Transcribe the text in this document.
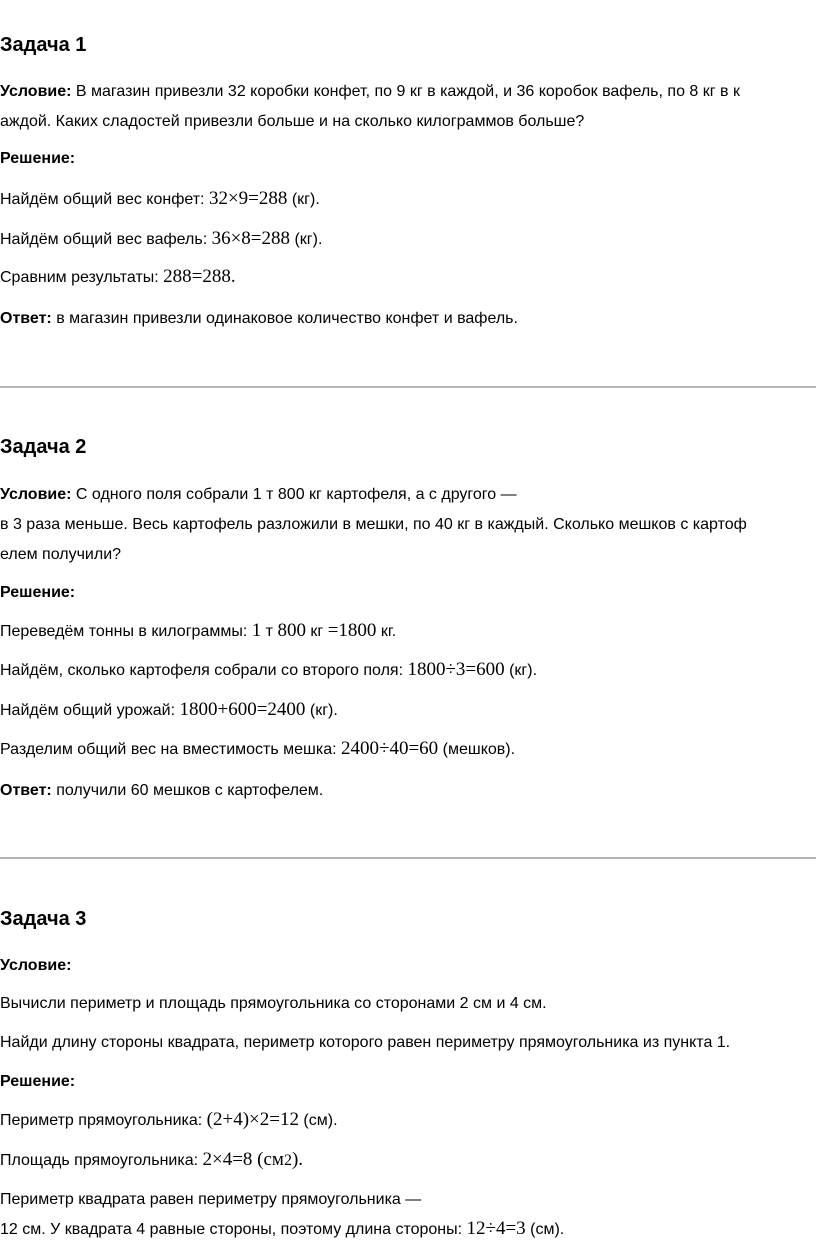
Задача 1
Условие: В магазин привезли 32 коробки конфет, по 9 кг в каждой, и 36 коробок вафель, по 8 кг в к
аждой. Каких сладостей привезли больше и на сколько килограммов больше?
Решение:
Найдём общий вес конфет: 32×9=288 (кг).
Найдём общий вес вафель: 36×8=288 (кг).
Сравним результаты: 288=288.
Ответ: в магазин привезли одинаковое количество конфет и вафель.
Задача 2
Условие: С одного поля собрали 1 т 800 кг картофеля, а с другого —
в 3 раза меньше. Весь картофель разложили в мешки, по 40 кг в каждый. Сколько мешков с картоф
елем получили?
Решение:
Переведём тонны в килограммы: 1 т 800 кг =1800 кг.
Найдём, сколько картофеля собрали со второго поля: 1800÷3=600 (кг).
Найдём общий урожай: 1800+600=2400 (кг).
Разделим общий вес на вместимость мешка: 2400÷40=60 (мешков).
Ответ: получили 60 мешков с картофелем.
Задача 3
Условие:
Вычисли периметр и площадь прямоугольника со сторонами 2 см и 4 см.
Найди длину стороны квадрата, периметр которого равен периметру прямоугольника из пункта 1.
Решение:
Периметр прямоугольника: (2+4)×2=12 (см).
Площадь прямоугольника: 2×4=8 (см2).
Периметр квадрата равен периметру прямоугольника —
12 см. У квадрата 4 равные стороны, поэтому длина стороны: 12÷4=3 (см).
